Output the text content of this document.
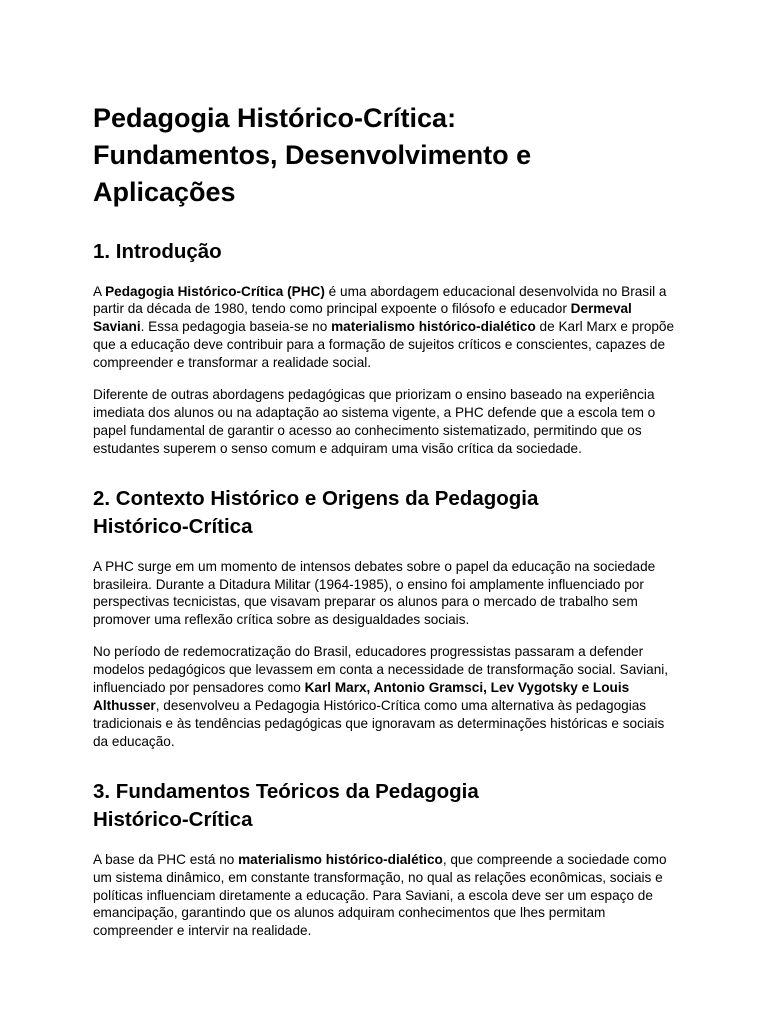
Pedagogia Histórico-Crítica:
Fundamentos, Desenvolvimento e
Aplicações
1. Introdução

A Pedagogia Histórico-Crítica (PHC) é uma abordagem educacional desenvolvida no Brasil a partir da década de 1980, tendo como principal expoente o filósofo e educador Dermeval Saviani. Essa pedagogia baseia-se no materialismo histórico-dialético de Karl Marx e propõe que a educação deve contribuir para a formação de sujeitos críticos e conscientes, capazes de compreender e transformar a realidade social.

Diferente de outras abordagens pedagógicas que priorizam o ensino baseado na experiência imediata dos alunos ou na adaptação ao sistema vigente, a PHC defende que a escola tem o papel fundamental de garantir o acesso ao conhecimento sistematizado, permitindo que os estudantes superem o senso comum e adquiram uma visão crítica da sociedade.

2. Contexto Histórico e Origens da Pedagogia Histórico-Crítica

A PHC surge em um momento de intensos debates sobre o papel da educação na sociedade brasileira. Durante a Ditadura Militar (1964-1985), o ensino foi amplamente influenciado por perspectivas tecnicistas, que visavam preparar os alunos para o mercado de trabalho sem promover uma reflexão crítica sobre as desigualdades sociais.

No período de redemocratização do Brasil, educadores progressistas passaram a defender modelos pedagógicos que levassem em conta a necessidade de transformação social. Saviani, influenciado por pensadores como Karl Marx, Antonio Gramsci, Lev Vygotsky e Louis Althusser, desenvolveu a Pedagogia Histórico-Crítica como uma alternativa às pedagogias tradicionais e às tendências pedagógicas que ignoravam as determinações históricas e sociais da educação.

3. Fundamentos Teóricos da Pedagogia Histórico-Crítica

A base da PHC está no materialismo histórico-dialético, que compreende a sociedade como um sistema dinâmico, em constante transformação, no qual as relações econômicas, sociais e políticas influenciam diretamente a educação. Para Saviani, a escola deve ser um espaço de emancipação, garantindo que os alunos adquiram conhecimentos que lhes permitam compreender e intervir na realidade.
